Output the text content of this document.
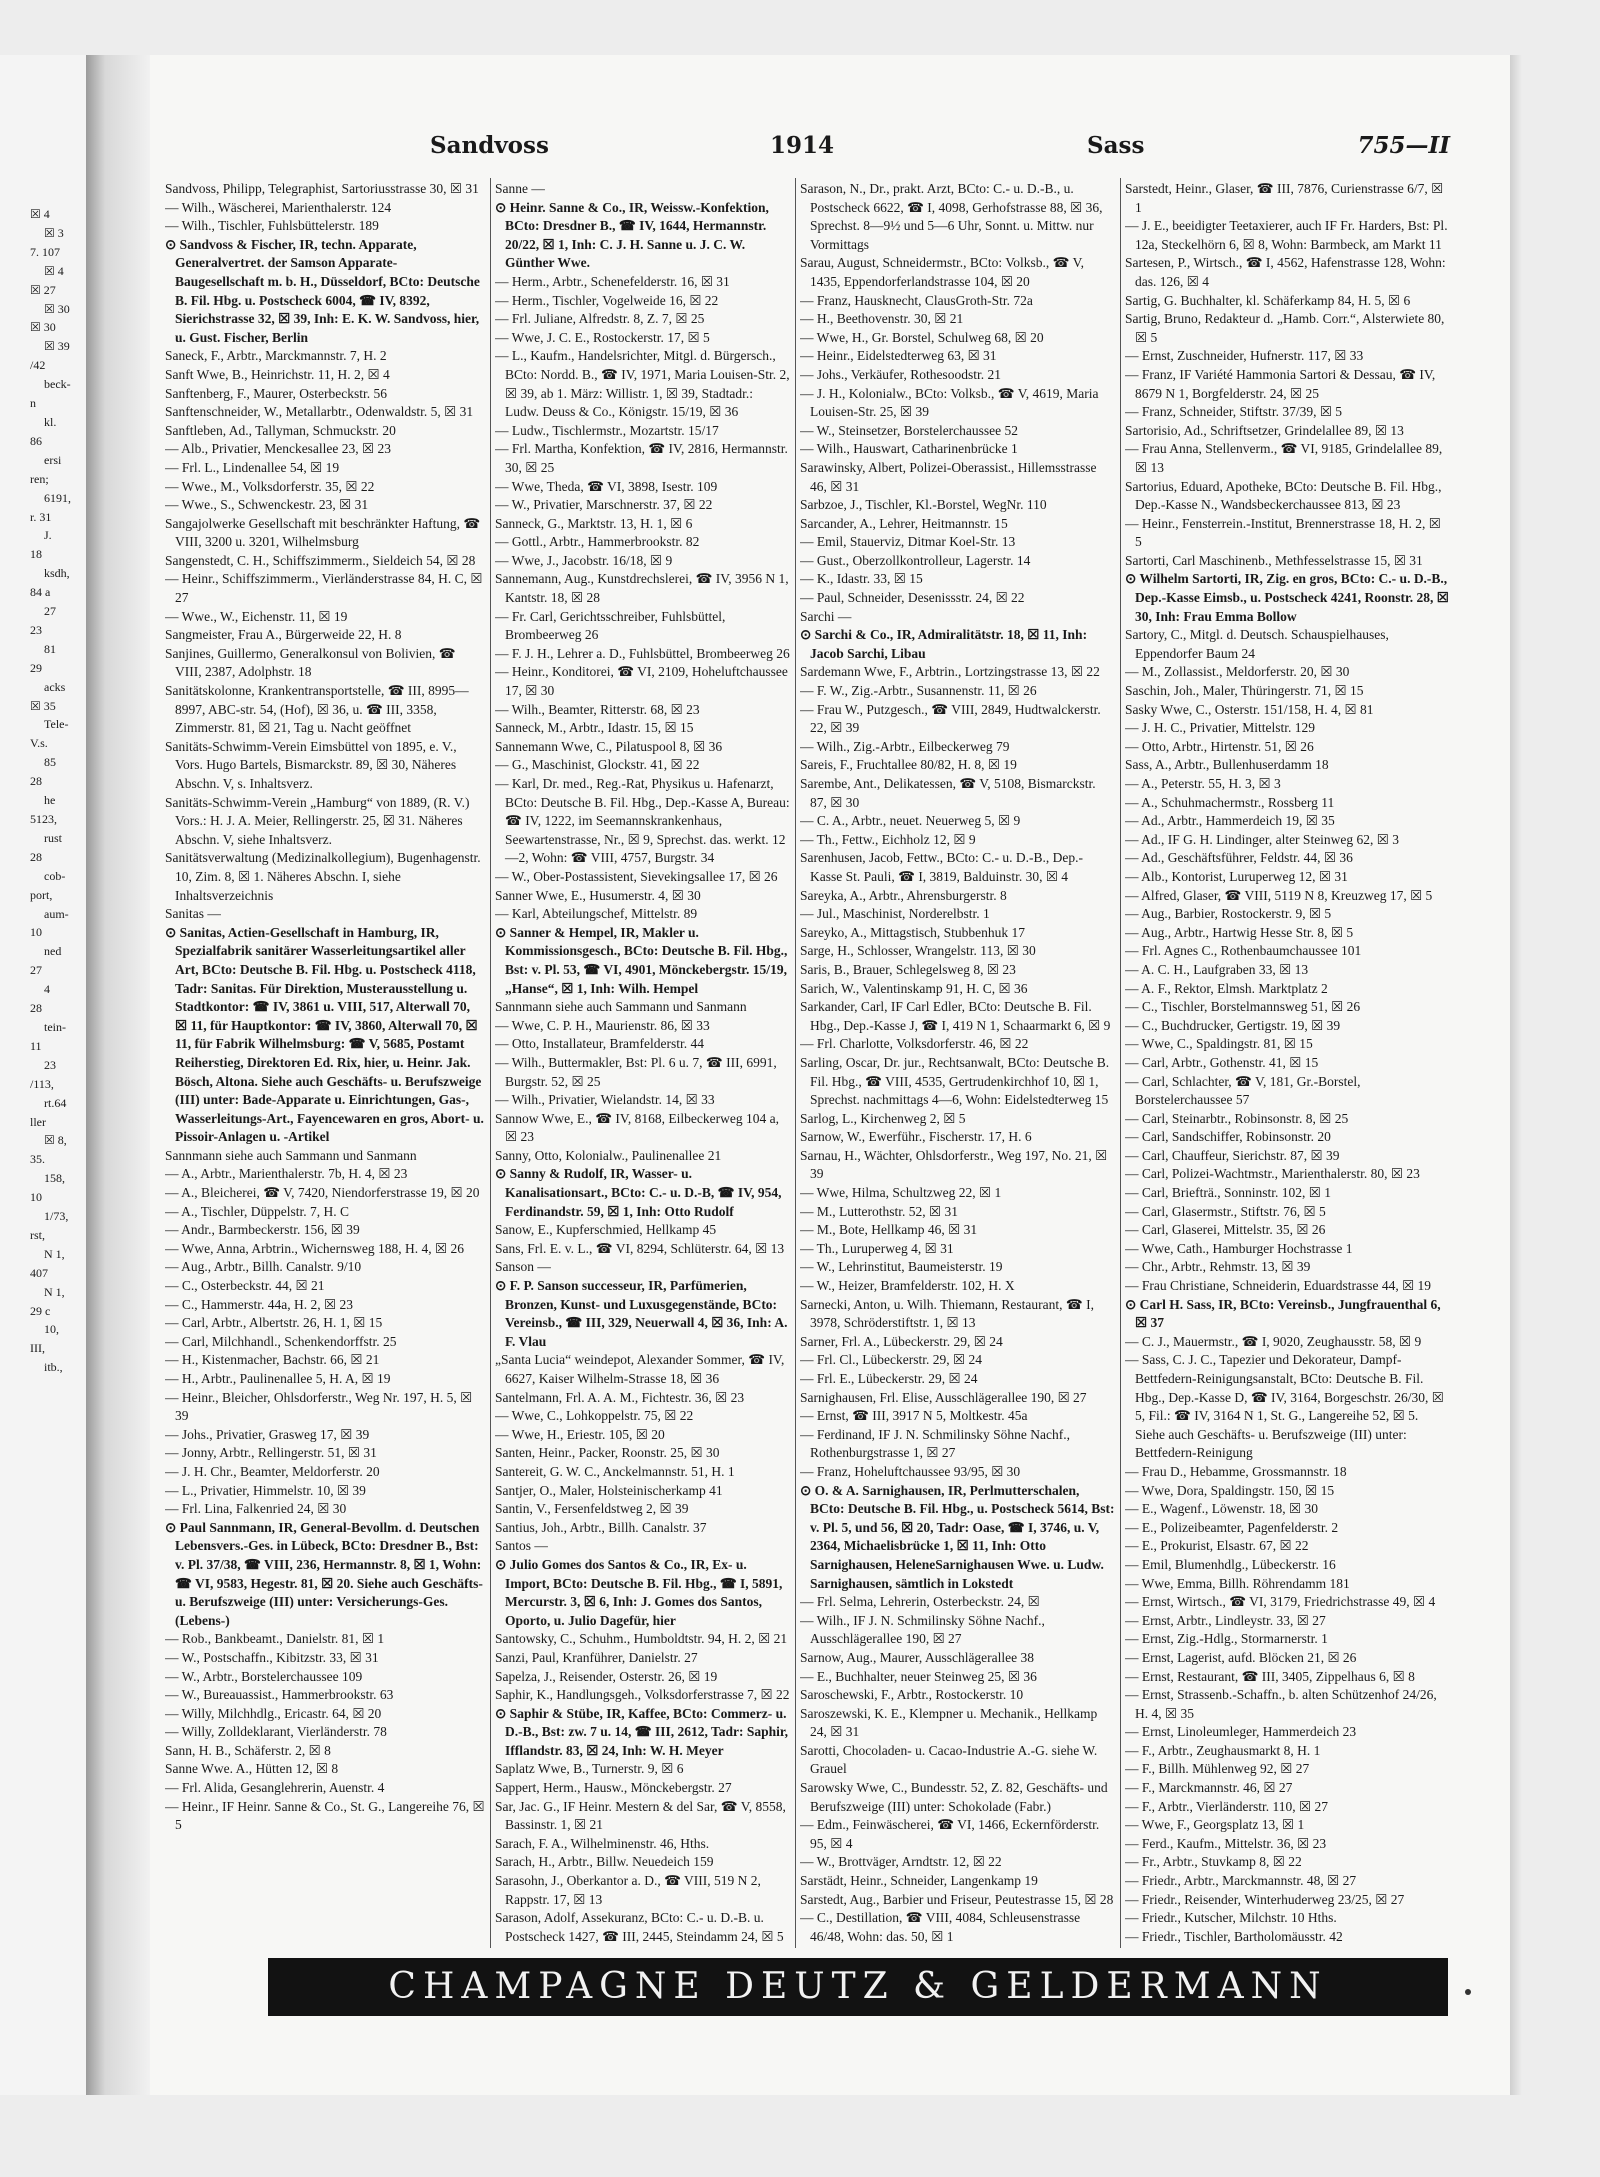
☒ 4
☒ 3
7. 107
☒ 4
☒ 27
☒ 30
☒ 30
☒ 39
/42
beck-
n
kl.
86
ersi
ren;
6191,
r. 31
J.
18
ksdh,
84 a
27
23
81
29
acks
☒ 35
Tele-
V.s.
85
28
he
5123,
rust
28
cob-
port,
aum-
10
ned
27
4
28
tein-
11
23
/113,
rt.64
ller
☒ 8,
35.
158,
10
1/73,
rst,
N 1,
407
N 1,
29 c
10,
III,
itb.,
Sandvoss	1914	Sass	755—II

Sandvoss, Philipp, Telegraphist, Sartoriusstrasse 30, ☒ 31

— Wilh., Wäscherei, Marienthalerstr. 124

— Wilh., Tischler, Fuhlsbüttelerstr. 189

⊙ Sandvoss & Fischer, IR, techn. Apparate, Generalvertret. der Samson Apparate-Baugesellschaft m. b. H., Düsseldorf, BCto: Deutsche B. Fil. Hbg. u. Postscheck 6004, ☎ IV, 8392, Sierichstrasse 32, ☒ 39, Inh: E. K. W. Sandvoss, hier, u. Gust. Fischer, Berlin

Saneck, F., Arbtr., Marckmannstr. 7, H. 2

Sanft Wwe, B., Heinrichstr. 11, H. 2, ☒ 4

Sanftenberg, F., Maurer, Osterbeckstr. 56

Sanftenschneider, W., Metallarbtr., Odenwaldstr. 5, ☒ 31

Sanftleben, Ad., Tallyman, Schmuckstr. 20

— Alb., Privatier, Menckesallee 23, ☒ 23

— Frl. L., Lindenallee 54, ☒ 19

— Wwe., M., Volksdorferstr. 35, ☒ 22

— Wwe., S., Schwenckestr. 23, ☒ 31

Sangajolwerke Gesellschaft mit beschränkter Haftung, ☎ VIII, 3200 u. 3201, Wilhelmsburg

Sangenstedt, C. H., Schiffszimmerm., Sieldeich 54, ☒ 28

— Heinr., Schiffszimmerm., Vierländerstrasse 84, H. C, ☒ 27

— Wwe., W., Eichenstr. 11, ☒ 19

Sangmeister, Frau A., Bürgerweide 22, H. 8

Sanjines, Guillermo, Generalkonsul von Bolivien, ☎ VIII, 2387, Adolphstr. 18

Sanitätskolonne, Krankentransportstelle, ☎ III, 8995—8997, ABC-str. 54, (Hof), ☒ 36, u. ☎ III, 3358, Zimmerstr. 81, ☒ 21, Tag u. Nacht geöffnet

Sanitäts-Schwimm-Verein Eimsbüttel von 1895, e. V., Vors. Hugo Bartels, Bismarckstr. 89, ☒ 30, Näheres Abschn. V, s. Inhaltsverz.

Sanitäts-Schwimm-Verein „Hamburg“ von 1889, (R. V.) Vors.: H. J. A. Meier, Rellingerstr. 25, ☒ 31. Näheres Abschn. V, siehe Inhaltsverz.

Sanitätsverwaltung (Medizinalkollegium), Bugenhagenstr. 10, Zim. 8, ☒ 1. Näheres Abschn. I, siehe Inhaltsverzeichnis

Sanitas —

⊙ Sanitas, Actien-Gesellschaft in Hamburg, IR, Spezialfabrik sanitärer Wasserleitungsartikel aller Art, BCto: Deutsche B. Fil. Hbg. u. Postscheck 4118, Tadr: Sanitas. Für Direktion, Musterausstellung u. Stadtkontor: ☎ IV, 3861 u. VIII, 517, Alterwall 70, ☒ 11, für Hauptkontor: ☎ IV, 3860, Alterwall 70, ☒ 11, für Fabrik Wilhelmsburg: ☎ V, 5685, Postamt Reiherstieg, Direktoren Ed. Rix, hier, u. Heinr. Jak. Bösch, Altona. Siehe auch Geschäfts- u. Berufszweige (III) unter: Bade-Apparate u. Einrichtungen, Gas-, Wasserleitungs-Art., Fayencewaren en gros, Abort- u. Pissoir-Anlagen u. -Artikel

Sannmann siehe auch Sammann und Sanmann

— A., Arbtr., Marienthalerstr. 7b, H. 4, ☒ 23

— A., Bleicherei, ☎ V, 7420, Niendorferstrasse 19, ☒ 20

— A., Tischler, Düppelstr. 7, H. C

— Andr., Barmbeckerstr. 156, ☒ 39

— Wwe, Anna, Arbtrin., Wichernsweg 188, H. 4, ☒ 26

— Aug., Arbtr., Billh. Canalstr. 9/10

— C., Osterbeckstr. 44, ☒ 21

— C., Hammerstr. 44a, H. 2, ☒ 23

— Carl, Arbtr., Albertstr. 26, H. 1, ☒ 15

— Carl, Milchhandl., Schenkendorffstr. 25

— H., Kistenmacher, Bachstr. 66, ☒ 21

— H., Arbtr., Paulinenallee 5, H. A, ☒ 19

— Heinr., Bleicher, Ohlsdorferstr., Weg Nr. 197, H. 5, ☒ 39

— Johs., Privatier, Grasweg 17, ☒ 39

— Jonny, Arbtr., Rellingerstr. 51, ☒ 31

— J. H. Chr., Beamter, Meldorferstr. 20

— L., Privatier, Himmelstr. 10, ☒ 39

— Frl. Lina, Falkenried 24, ☒ 30

⊙ Paul Sannmann, IR, General-Bevollm. d. Deutschen Lebensvers.-Ges. in Lübeck, BCto: Dresdner B., Bst: v. Pl. 37/38, ☎ VIII, 236, Hermannstr. 8, ☒ 1, Wohn: ☎ VI, 9583, Hegestr. 81, ☒ 20. Siehe auch Geschäfts- u. Berufszweige (III) unter: Versicherungs-Ges. (Lebens-)

— Rob., Bankbeamt., Danielstr. 81, ☒ 1

— W., Postschaffn., Kibitzstr. 33, ☒ 31

— W., Arbtr., Borstelerchaussee 109

— W., Bureauassist., Hammerbrookstr. 63

— Willy, Milchhdlg., Ericastr. 64, ☒ 20

— Willy, Zolldeklarant, Vierländerstr. 78

Sann, H. B., Schäferstr. 2, ☒ 8

Sanne Wwe. A., Hütten 12, ☒ 8

— Frl. Alida, Gesanglehrerin, Auenstr. 4

— Heinr., IF Heinr. Sanne & Co., St. G., Langereihe 76, ☒ 5

Sanne —

⊙ Heinr. Sanne & Co., IR, Weissw.-Konfektion, BCto: Dresdner B., ☎ IV, 1644, Hermannstr. 20/22, ☒ 1, Inh: C. J. H. Sanne u. J. C. W. Günther Wwe.

— Herm., Arbtr., Schenefelderstr. 16, ☒ 31

— Herm., Tischler, Vogelweide 16, ☒ 22

— Frl. Juliane, Alfredstr. 8, Z. 7, ☒ 25

— Wwe, J. C. E., Rostockerstr. 17, ☒ 5

— L., Kaufm., Handelsrichter, Mitgl. d. Bürgersch., BCto: Nordd. B., ☎ IV, 1971, Maria Louisen-Str. 2, ☒ 39, ab 1. März: Willistr. 1, ☒ 39, Stadtadr.: Ludw. Deuss & Co., Königstr. 15/19, ☒ 36

— Ludw., Tischlermstr., Mozartstr. 15/17

— Frl. Martha, Konfektion, ☎ IV, 2816, Hermannstr. 30, ☒ 25

— Wwe, Theda, ☎ VI, 3898, Isestr. 109

— W., Privatier, Marschnerstr. 37, ☒ 22

Sanneck, G., Marktstr. 13, H. 1, ☒ 6

— Gottl., Arbtr., Hammerbrookstr. 82

— Wwe, J., Jacobstr. 16/18, ☒ 9

Sannemann, Aug., Kunstdrechslerei, ☎ IV, 3956 N 1, Kantstr. 18, ☒ 28

— Fr. Carl, Gerichtsschreiber, Fuhlsbüttel, Brombeerweg 26

— F. J. H., Lehrer a. D., Fuhlsbüttel, Brombeerweg 26

— Heinr., Konditorei, ☎ VI, 2109, Hoheluftchaussee 17, ☒ 30

— Wilh., Beamter, Ritterstr. 68, ☒ 23

Sanneck, M., Arbtr., Idastr. 15, ☒ 15

Sannemann Wwe, C., Pilatuspool 8, ☒ 36

— G., Maschinist, Glockstr. 41, ☒ 22

— Karl, Dr. med., Reg.-Rat, Physikus u. Hafenarzt, BCto: Deutsche B. Fil. Hbg., Dep.-Kasse A, Bureau: ☎ IV, 1222, im Seemannskrankenhaus, Seewartenstrasse, Nr., ☒ 9, Sprechst. das. werkt. 12—2, Wohn: ☎ VIII, 4757, Burgstr. 34

— W., Ober-Postassistent, Sievekingsallee 17, ☒ 26

Sanner Wwe, E., Husumerstr. 4, ☒ 30

— Karl, Abteilungschef, Mittelstr. 89

⊙ Sanner & Hempel, IR, Makler u. Kommissionsgesch., BCto: Deutsche B. Fil. Hbg., Bst: v. Pl. 53, ☎ VI, 4901, Mönckebergstr. 15/19, „Hanse“, ☒ 1, Inh: Wilh. Hempel

Sannmann siehe auch Sammann und Sanmann

— Wwe, C. P. H., Maurienstr. 86, ☒ 33

— Otto, Installateur, Bramfelderstr. 44

— Wilh., Buttermakler, Bst: Pl. 6 u. 7, ☎ III, 6991, Burgstr. 52, ☒ 25

— Wilh., Privatier, Wielandstr. 14, ☒ 33

Sannow Wwe, E., ☎ IV, 8168, Eilbeckerweg 104 a, ☒ 23

Sanny, Otto, Kolonialw., Paulinenallee 21

⊙ Sanny & Rudolf, IR, Wasser- u. Kanalisationsart., BCto: C.- u. D.-B, ☎ IV, 954, Ferdinandstr. 59, ☒ 1, Inh: Otto Rudolf

Sanow, E., Kupferschmied, Hellkamp 45

Sans, Frl. E. v. L., ☎ VI, 8294, Schlüterstr. 64, ☒ 13

Sanson —

⊙ F. P. Sanson successeur, IR, Parfümerien, Bronzen, Kunst- und Luxusgegenstände, BCto: Vereinsb., ☎ III, 329, Neuerwall 4, ☒ 36, Inh: A. F. Vlau

„Santa Lucia“ weindepot, Alexander Sommer, ☎ IV, 6627, Kaiser Wilhelm-Strasse 18, ☒ 36

Santelmann, Frl. A. A. M., Fichtestr. 36, ☒ 23

— Wwe, C., Lohkoppelstr. 75, ☒ 22

— Wwe, H., Eriestr. 105, ☒ 20

Santen, Heinr., Packer, Roonstr. 25, ☒ 30

Santereit, G. W. C., Anckelmannstr. 51, H. 1

Santjer, O., Maler, Holsteinischerkamp 41

Santin, V., Fersenfeldstweg 2, ☒ 39

Santius, Joh., Arbtr., Billh. Canalstr. 37

Santos —

⊙ Julio Gomes dos Santos & Co., IR, Ex- u. Import, BCto: Deutsche B. Fil. Hbg., ☎ I, 5891, Mercurstr. 3, ☒ 6, Inh: J. Gomes dos Santos, Oporto, u. Julio Dagefür, hier

Santowsky, C., Schuhm., Humboldtstr. 94, H. 2, ☒ 21

Sanzi, Paul, Kranführer, Danielstr. 27

Sapelza, J., Reisender, Osterstr. 26, ☒ 19

Saphir, K., Handlungsgeh., Volksdorferstrasse 7, ☒ 22

⊙ Saphir & Stübe, IR, Kaffee, BCto: Commerz- u. D.-B., Bst: zw. 7 u. 14, ☎ III, 2612, Tadr: Saphir, Ifflandstr. 83, ☒ 24, Inh: W. H. Meyer

Saplatz Wwe, B., Turnerstr. 9, ☒ 6

Sappert, Herm., Hausw., Mönckebergstr. 27

Sar, Jac. G., IF Heinr. Mestern & del Sar, ☎ V, 8558, Bassinstr. 1, ☒ 21

Sarach, F. A., Wilhelminenstr. 46, Hths.

Sarach, H., Arbtr., Billw. Neuedeich 159

Sarasohn, J., Oberkantor a. D., ☎ VIII, 519 N 2, Rappstr. 17, ☒ 13

Sarason, Adolf, Assekuranz, BCto: C.- u. D.-B. u. Postscheck 1427, ☎ III, 2445, Steindamm 24, ☒ 5

Sarason, N., Dr., prakt. Arzt, BCto: C.- u. D.-B., u. Postscheck 6622, ☎ I, 4098, Gerhofstrasse 88, ☒ 36, Sprechst. 8—9½ und 5—6 Uhr, Sonnt. u. Mittw. nur Vormittags

Sarau, August, Schneidermstr., BCto: Volksb., ☎ V, 1435, Eppendorferlandstrasse 104, ☒ 20

— Franz, Hausknecht, ClausGroth-Str. 72a

— H., Beethovenstr. 30, ☒ 21

— Wwe, H., Gr. Borstel, Schulweg 68, ☒ 20

— Heinr., Eidelstedterweg 63, ☒ 31

— Johs., Verkäufer, Rothesoodstr. 21

— J. H., Kolonialw., BCto: Volksb., ☎ V, 4619, Maria Louisen-Str. 25, ☒ 39

— W., Steinsetzer, Borstelerchaussee 52

— Wilh., Hauswart, Catharinenbrücke 1

Sarawinsky, Albert, Polizei-Oberassist., Hillemsstrasse 46, ☒ 31

Sarbzoe, J., Tischler, Kl.-Borstel, WegNr. 110

Sarcander, A., Lehrer, Heitmannstr. 15

— Emil, Stauerviz, Ditmar Koel-Str. 13

— Gust., Oberzollkontrolleur, Lagerstr. 14

— K., Idastr. 33, ☒ 15

— Paul, Schneider, Desenissstr. 24, ☒ 22

Sarchi —

⊙ Sarchi & Co., IR, Admiralitätstr. 18, ☒ 11, Inh: Jacob Sarchi, Libau

Sardemann Wwe, F., Arbtrin., Lortzingstrasse 13, ☒ 22

— F. W., Zig.-Arbtr., Susannenstr. 11, ☒ 26

— Frau W., Putzgesch., ☎ VIII, 2849, Hudtwalckerstr. 22, ☒ 39

— Wilh., Zig.-Arbtr., Eilbeckerweg 79

Sareis, F., Fruchtallee 80/82, H. 8, ☒ 19

Sarembe, Ant., Delikatessen, ☎ V, 5108, Bismarckstr. 87, ☒ 30

— C. A., Arbtr., neuet. Neuerweg 5, ☒ 9

— Th., Fettw., Eichholz 12, ☒ 9

Sarenhusen, Jacob, Fettw., BCto: C.- u. D.-B., Dep.-Kasse St. Pauli, ☎ I, 3819, Balduinstr. 30, ☒ 4

Sareyka, A., Arbtr., Ahrensburgerstr. 8

— Jul., Maschinist, Norderelbstr. 1

Sareyko, A., Mittagstisch, Stubbenhuk 17

Sarge, H., Schlosser, Wrangelstr. 113, ☒ 30

Saris, B., Brauer, Schlegelsweg 8, ☒ 23

Sarich, W., Valentinskamp 91, H. C, ☒ 36

Sarkander, Carl, IF Carl Edler, BCto: Deutsche B. Fil. Hbg., Dep.-Kasse J, ☎ I, 419 N 1, Schaarmarkt 6, ☒ 9

— Frl. Charlotte, Volksdorferstr. 46, ☒ 22

Sarling, Oscar, Dr. jur., Rechtsanwalt, BCto: Deutsche B. Fil. Hbg., ☎ VIII, 4535, Gertrudenkirchhof 10, ☒ 1, Sprechst. nachmittags 4—6, Wohn: Eidelstedterweg 15

Sarlog, L., Kirchenweg 2, ☒ 5

Sarnow, W., Ewerführ., Fischerstr. 17, H. 6

Sarnau, H., Wächter, Ohlsdorferstr., Weg 197, No. 21, ☒ 39

— Wwe, Hilma, Schultzweg 22, ☒ 1

— M., Lutterothstr. 52, ☒ 31

— M., Bote, Hellkamp 46, ☒ 31

— Th., Luruperweg 4, ☒ 31

— W., Lehrinstitut, Baumeisterstr. 19

— W., Heizer, Bramfelderstr. 102, H. X

Sarnecki, Anton, u. Wilh. Thiemann, Restaurant, ☎ I, 3978, Schröderstiftstr. 1, ☒ 13

Sarner, Frl. A., Lübeckerstr. 29, ☒ 24

— Frl. Cl., Lübeckerstr. 29, ☒ 24

— Frl. E., Lübeckerstr. 29, ☒ 24

Sarnighausen, Frl. Elise, Ausschlägerallee 190, ☒ 27

— Ernst, ☎ III, 3917 N 5, Moltkestr. 45a

— Ferdinand, IF J. N. Schmilinsky Söhne Nachf., Rothenburgstrasse 1, ☒ 27

— Franz, Hoheluftchaussee 93/95, ☒ 30

⊙ O. & A. Sarnighausen, IR, Perlmutterschalen, BCto: Deutsche B. Fil. Hbg., u. Postscheck 5614, Bst: v. Pl. 5, und 56, ☒ 20, Tadr: Oase, ☎ I, 3746, u. V, 2364, Michaelisbrücke 1, ☒ 11, Inh: Otto Sarnighausen, HeleneSarnighausen Wwe. u. Ludw. Sarnighausen, sämtlich in Lokstedt

— Frl. Selma, Lehrerin, Osterbeckstr. 24, ☒

— Wilh., IF J. N. Schmilinsky Söhne Nachf., Ausschlägerallee 190, ☒ 27

Sarnow, Aug., Maurer, Ausschlägerallee 38

— E., Buchhalter, neuer Steinweg 25, ☒ 36

Saroschewski, F., Arbtr., Rostockerstr. 10

Saroszewski, K. E., Klempner u. Mechanik., Hellkamp 24, ☒ 31

Sarotti, Chocoladen- u. Cacao-Industrie A.-G. siehe W. Grauel

Sarowsky Wwe, C., Bundesstr. 52, Z. 82, Geschäfts- und Berufszweige (III) unter: Schokolade (Fabr.)

— Edm., Feinwäscherei, ☎ VI, 1466, Eckernförderstr. 95, ☒ 4

— W., Brottväger, Arndtstr. 12, ☒ 22

Sarstädt, Heinr., Schneider, Langenkamp 19

Sarstedt, Aug., Barbier und Friseur, Peutestrasse 15, ☒ 28

— C., Destillation, ☎ VIII, 4084, Schleusenstrasse 46/48, Wohn: das. 50, ☒ 1

Sarstedt, Heinr., Glaser, ☎ III, 7876, Curienstrasse 6/7, ☒ 1

— J. E., beeidigter Teetaxierer, auch IF Fr. Harders, Bst: Pl. 12a, Steckelhörn 6, ☒ 8, Wohn: Barmbeck, am Markt 11

Sartesen, P., Wirtsch., ☎ I, 4562, Hafenstrasse 128, Wohn: das. 126, ☒ 4

Sartig, G. Buchhalter, kl. Schäferkamp 84, H. 5, ☒ 6

Sartig, Bruno, Redakteur d. „Hamb. Corr.“, Alsterwiete 80, ☒ 5

— Ernst, Zuschneider, Hufnerstr. 117, ☒ 33

— Franz, IF Variété Hammonia Sartori & Dessau, ☎ IV, 8679 N 1, Borgfelderstr. 24, ☒ 25

— Franz, Schneider, Stiftstr. 37/39, ☒ 5

Sartorisio, Ad., Schriftsetzer, Grindelallee 89, ☒ 13

— Frau Anna, Stellenverm., ☎ VI, 9185, Grindelallee 89, ☒ 13

Sartorius, Eduard, Apotheke, BCto: Deutsche B. Fil. Hbg., Dep.-Kasse N., Wandsbeckerchaussee 813, ☒ 23

— Heinr., Fensterrein.-Institut, Brennerstrasse 18, H. 2, ☒ 5

Sartorti, Carl Maschinenb., Methfesselstrasse 15, ☒ 31

⊙ Wilhelm Sartorti, IR, Zig. en gros, BCto: C.- u. D.-B., Dep.-Kasse Eimsb., u. Postscheck 4241, Roonstr. 28, ☒ 30, Inh: Frau Emma Bollow

Sartory, C., Mitgl. d. Deutsch. Schauspielhauses, Eppendorfer Baum 24

— M., Zollassist., Meldorferstr. 20, ☒ 30

Saschin, Joh., Maler, Thüringerstr. 71, ☒ 15

Sasky Wwe, C., Osterstr. 151/158, H. 4, ☒ 81

— J. H. C., Privatier, Mittelstr. 129

— Otto, Arbtr., Hirtenstr. 51, ☒ 26

Sass, A., Arbtr., Bullenhuserdamm 18

— A., Peterstr. 55, H. 3, ☒ 3

— A., Schuhmachermstr., Rossberg 11

— Ad., Arbtr., Hammerdeich 19, ☒ 35

— Ad., IF G. H. Lindinger, alter Steinweg 62, ☒ 3

— Ad., Geschäftsführer, Feldstr. 44, ☒ 36

— Alb., Kontorist, Luruperweg 12, ☒ 31

— Alfred, Glaser, ☎ VIII, 5119 N 8, Kreuzweg 17, ☒ 5

— Aug., Barbier, Rostockerstr. 9, ☒ 5

— Aug., Arbtr., Hartwig Hesse Str. 8, ☒ 5

— Frl. Agnes C., Rothenbaumchaussee 101

— A. C. H., Laufgraben 33, ☒ 13

— A. F., Rektor, Elmsh. Marktplatz 2

— C., Tischler, Borstelmannsweg 51, ☒ 26

— C., Buchdrucker, Gertigstr. 19, ☒ 39

— Wwe, C., Spaldingstr. 81, ☒ 15

— Carl, Arbtr., Gothenstr. 41, ☒ 15

— Carl, Schlachter, ☎ V, 181, Gr.-Borstel, Borstelerchaussee 57

— Carl, Steinarbtr., Robinsonstr. 8, ☒ 25

— Carl, Sandschiffer, Robinsonstr. 20

— Carl, Chauffeur, Sierichstr. 87, ☒ 39

— Carl, Polizei-Wachtmstr., Marienthalerstr. 80, ☒ 23

— Carl, Briefträ., Sonninstr. 102, ☒ 1

— Carl, Glasermstr., Stiftstr. 76, ☒ 5

— Carl, Glaserei, Mittelstr. 35, ☒ 26

— Wwe, Cath., Hamburger Hochstrasse 1

— Chr., Arbtr., Rehmstr. 13, ☒ 39

— Frau Christiane, Schneiderin, Eduardstrasse 44, ☒ 19

⊙ Carl H. Sass, IR, BCto: Vereinsb., Jungfrauenthal 6, ☒ 37

— C. J., Mauermstr., ☎ I, 9020, Zeughausstr. 58, ☒ 9

— Sass, C. J. C., Tapezier und Dekorateur, Dampf-Bettfedern-Reinigungsanstalt, BCto: Deutsche B. Fil. Hbg., Dep.-Kasse D, ☎ IV, 3164, Borgeschstr. 26/30, ☒ 5, Fil.: ☎ IV, 3164 N 1, St. G., Langereihe 52, ☒ 5. Siehe auch Geschäfts- u. Berufszweige (III) unter: Bettfedern-Reinigung

— Frau D., Hebamme, Grossmannstr. 18

— Wwe, Dora, Spaldingstr. 150, ☒ 15

— E., Wagenf., Löwenstr. 18, ☒ 30

— E., Polizeibeamter, Pagenfelderstr. 2

— E., Prokurist, Elsastr. 67, ☒ 22

— Emil, Blumenhdlg., Lübeckerstr. 16

— Wwe, Emma, Billh. Röhrendamm 181

— Ernst, Wirtsch., ☎ VI, 3179, Friedrichstrasse 49, ☒ 4

— Ernst, Arbtr., Lindleystr. 33, ☒ 27

— Ernst, Zig.-Hdlg., Stormarnerstr. 1

— Ernst, Lagerist, aufd. Blöcken 21, ☒ 26

— Ernst, Restaurant, ☎ III, 3405, Zippelhaus 6, ☒ 8

— Ernst, Strassenb.-Schaffn., b. alten Schützenhof 24/26, H. 4, ☒ 35

— Ernst, Linoleumleger, Hammerdeich 23

— F., Arbtr., Zeughausmarkt 8, H. 1

— F., Billh. Mühlenweg 92, ☒ 27

— F., Marckmannstr. 46, ☒ 27

— F., Arbtr., Vierländerstr. 110, ☒ 27

— Wwe, F., Georgsplatz 13, ☒ 1

— Ferd., Kaufm., Mittelstr. 36, ☒ 23

— Fr., Arbtr., Stuvkamp 8, ☒ 22

— Friedr., Arbtr., Marckmannstr. 48, ☒ 27

— Friedr., Reisender, Winterhuderweg 23/25, ☒ 27

— Friedr., Kutscher, Milchstr. 10 Hths.

— Friedr., Tischler, Bartholomäusstr. 42

CHAMPAGNE DEUTZ & GELDERMANN
